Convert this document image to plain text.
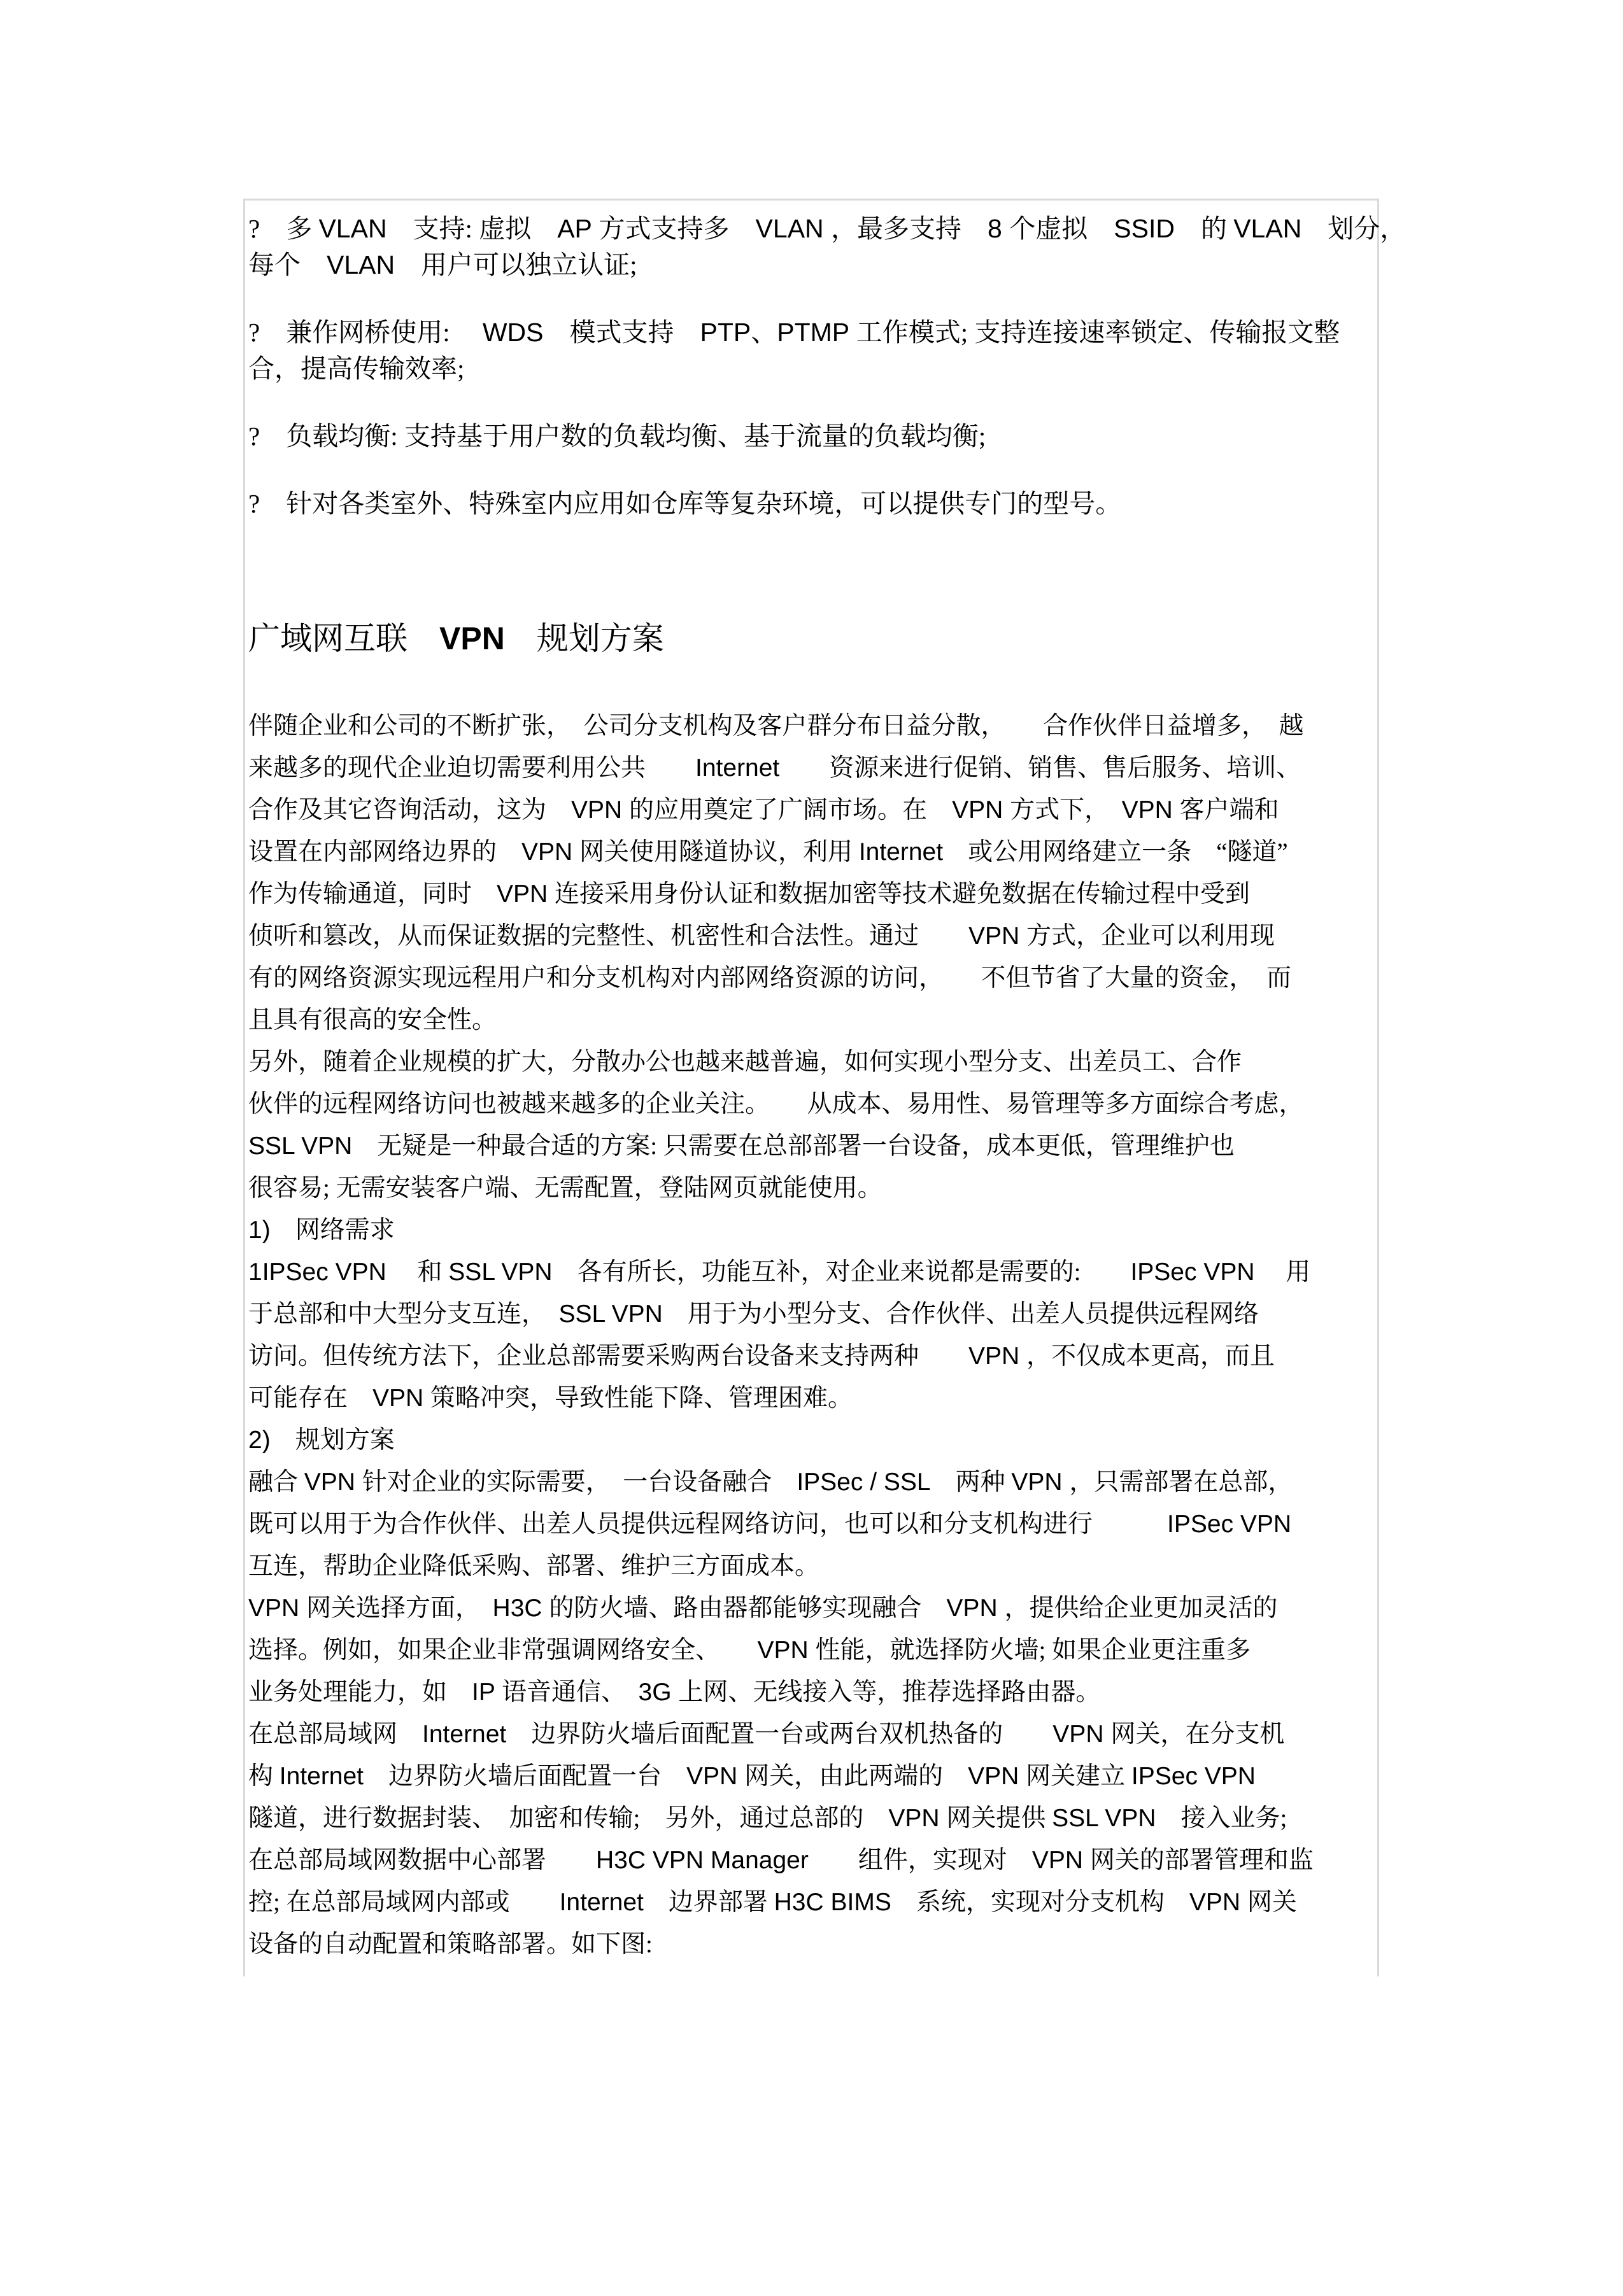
?　多 VLAN　支持: 虚拟　AP 方式支持多　VLAN ，最多支持　8 个虚拟　SSID　的 VLAN　划分，
每个　VLAN　用户可以独立认证;
?　兼作网桥使用:　 WDS　模式支持　PTP、PTMP 工作模式; 支持连接速率锁定、传输报文整
合，提高传输效率;
?　负载均衡: 支持基于用户数的负载均衡、基于流量的负载均衡;
?　针对各类室外、特殊室内应用如仓库等复杂环境，可以提供专门的型号。
广域网互联　VPN　规划方案
伴随企业和公司的不断扩张，　公司分支机构及客户群分布日益分散，　　合作伙伴日益增多，　越
来越多的现代企业迫切需要利用公共　　Internet　　资源来进行促销、销售、售后服务、培训、
合作及其它咨询活动，这为　VPN 的应用奠定了广阔市场。在　VPN 方式下，　VPN 客户端和
设置在内部网络边界的　VPN 网关使用隧道协议，利用 Internet　或公用网络建立一条　“隧道”
作为传输通道，同时　VPN 连接采用身份认证和数据加密等技术避免数据在传输过程中受到
侦听和篡改，从而保证数据的完整性、机密性和合法性。通过　　VPN 方式，企业可以利用现
有的网络资源实现远程用户和分支机构对内部网络资源的访问，　　不但节省了大量的资金，　而
且具有很高的安全性。
另外，随着企业规模的扩大，分散办公也越来越普遍，如何实现小型分支、出差员工、合作
伙伴的远程网络访问也被越来越多的企业关注。　　从成本、易用性、易管理等多方面综合考虑，
SSL VPN　无疑是一种最合适的方案: 只需要在总部部署一台设备，成本更低，管理维护也
很容易; 无需安装客户端、无需配置，登陆网页就能使用。
1)　网络需求
1IPSec VPN　 和 SSL VPN　各有所长，功能互补，对企业来说都是需要的:　　IPSec VPN　 用
于总部和中大型分支互连，　SSL VPN　用于为小型分支、合作伙伴、出差人员提供远程网络
访问。但传统方法下，企业总部需要采购两台设备来支持两种　　VPN ，不仅成本更高，而且
可能存在　VPN 策略冲突，导致性能下降、管理困难。
2)　规划方案
融合 VPN 针对企业的实际需要，　一台设备融合　IPSec / SSL　两种 VPN ，只需部署在总部，
既可以用于为合作伙伴、出差人员提供远程网络访问，也可以和分支机构进行　　　IPSec VPN
互连，帮助企业降低采购、部署、维护三方面成本。
VPN 网关选择方面，　H3C 的防火墙、路由器都能够实现融合　VPN ，提供给企业更加灵活的
选择。例如，如果企业非常强调网络安全、　　VPN 性能，就选择防火墙; 如果企业更注重多
业务处理能力，如　IP 语音通信、　3G 上网、无线接入等，推荐选择路由器。
在总部局域网　Internet　边界防火墙后面配置一台或两台双机热备的　　VPN 网关，在分支机
构 Internet　边界防火墙后面配置一台　VPN 网关，由此两端的　VPN 网关建立 IPSec VPN
隧道，进行数据封装、　加密和传输;　另外，通过总部的　VPN 网关提供 SSL VPN　接入业务;
在总部局域网数据中心部署　　H3C VPN Manager　　组件，实现对　VPN 网关的部署管理和监
控; 在总部局域网内部或　　Internet　边界部署 H3C BIMS　系统，实现对分支机构　VPN 网关
设备的自动配置和策略部署。如下图:
